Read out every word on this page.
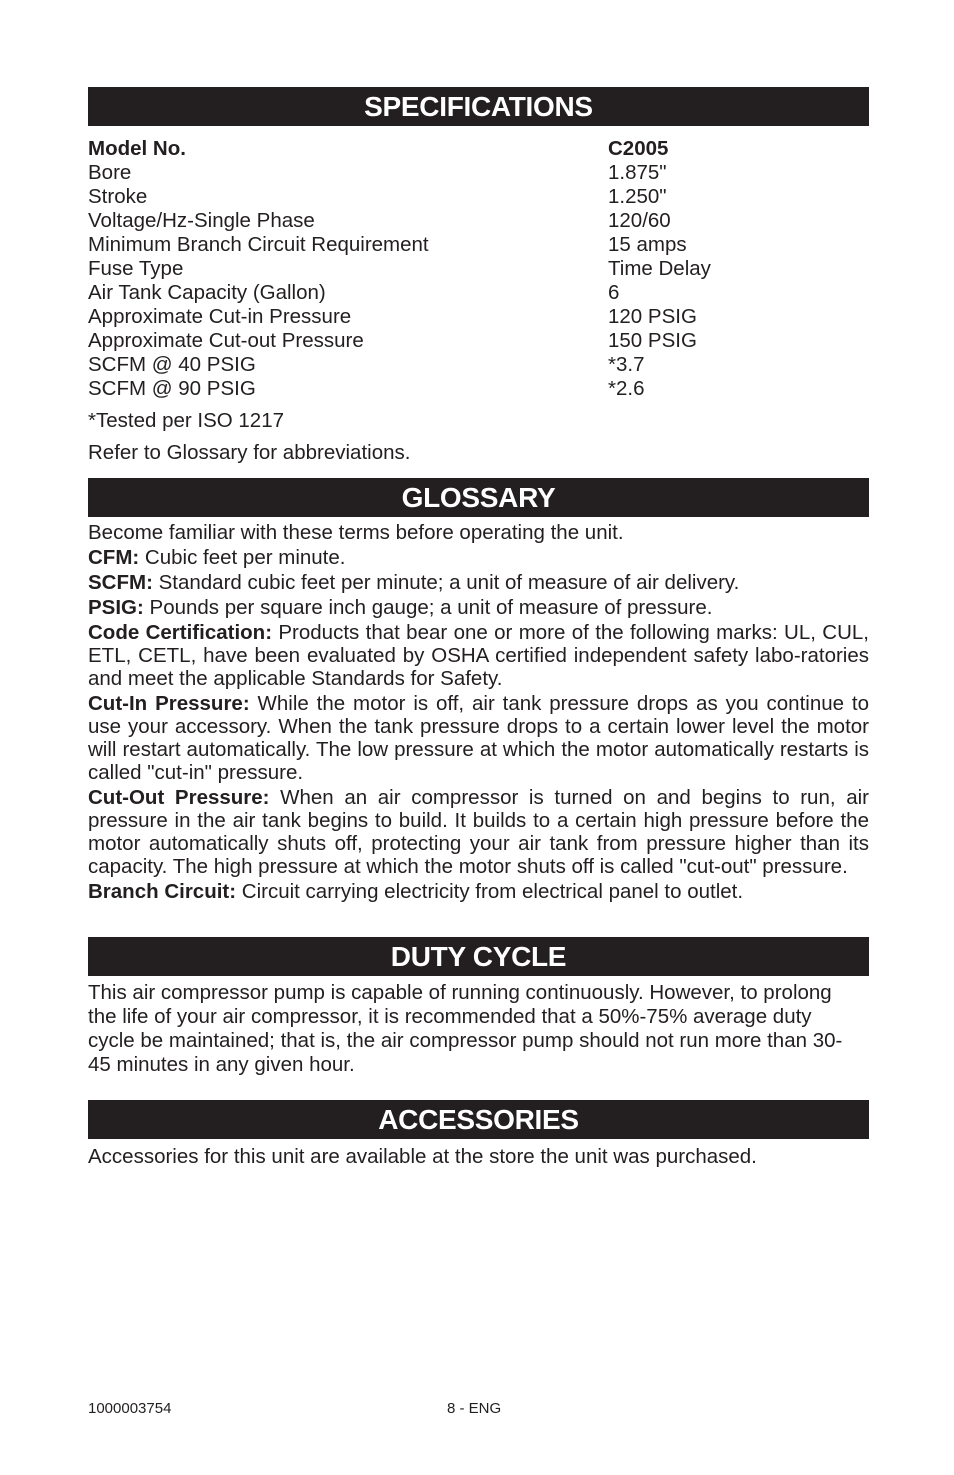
SPECIFICATIONS
Model No.	C2005
Bore	1.875"
Stroke	1.250"
Voltage/Hz-Single Phase	120/60
Minimum Branch Circuit Requirement	15 amps
Fuse Type	Time Delay
Air Tank Capacity (Gallon)	6
Approximate Cut-in Pressure	120 PSIG
Approximate Cut-out Pressure	150 PSIG
SCFM @ 40 PSIG	*3.7
SCFM @ 90 PSIG	*2.6
*Tested per ISO 1217
Refer to Glossary for abbreviations.
GLOSSARY

Become familiar with these terms before operating the unit.

CFM: Cubic feet per minute.

SCFM: Standard cubic feet per minute; a unit of measure of air delivery.

PSIG: Pounds per square inch gauge; a unit of measure of pressure.

Code Certification: Products that bear one or more of the following marks: UL, CUL, ETL, CETL, have been evaluated by OSHA certified independent safety labo-ratories and meet the applicable Standards for Safety.

Cut-In Pressure: While the motor is off, air tank pressure drops as you continue to use your accessory. When the tank pressure drops to a certain lower level the motor will restart automatically. The low pressure at which the motor automatically restarts is called "cut-in" pressure.

Cut-Out Pressure: When an air compressor is turned on and begins to run, air pressure in the air tank begins to build. It builds to a certain high pressure before the motor automatically shuts off, protecting your air tank from pressure higher than its capacity. The high pressure at which the motor shuts off is called "cut-out" pressure.

Branch Circuit: Circuit carrying electricity from electrical panel to outlet.

DUTY CYCLE

This air compressor pump is capable of running continuously. However, to prolong the life of your air compressor, it is recommended that a 50%-75% average duty cycle be maintained; that is, the air compressor pump should not run more than 30-45 minutes in any given hour.

ACCESSORIES

Accessories for this unit are available at the store the unit was purchased.

1000003754	8 - ENG
